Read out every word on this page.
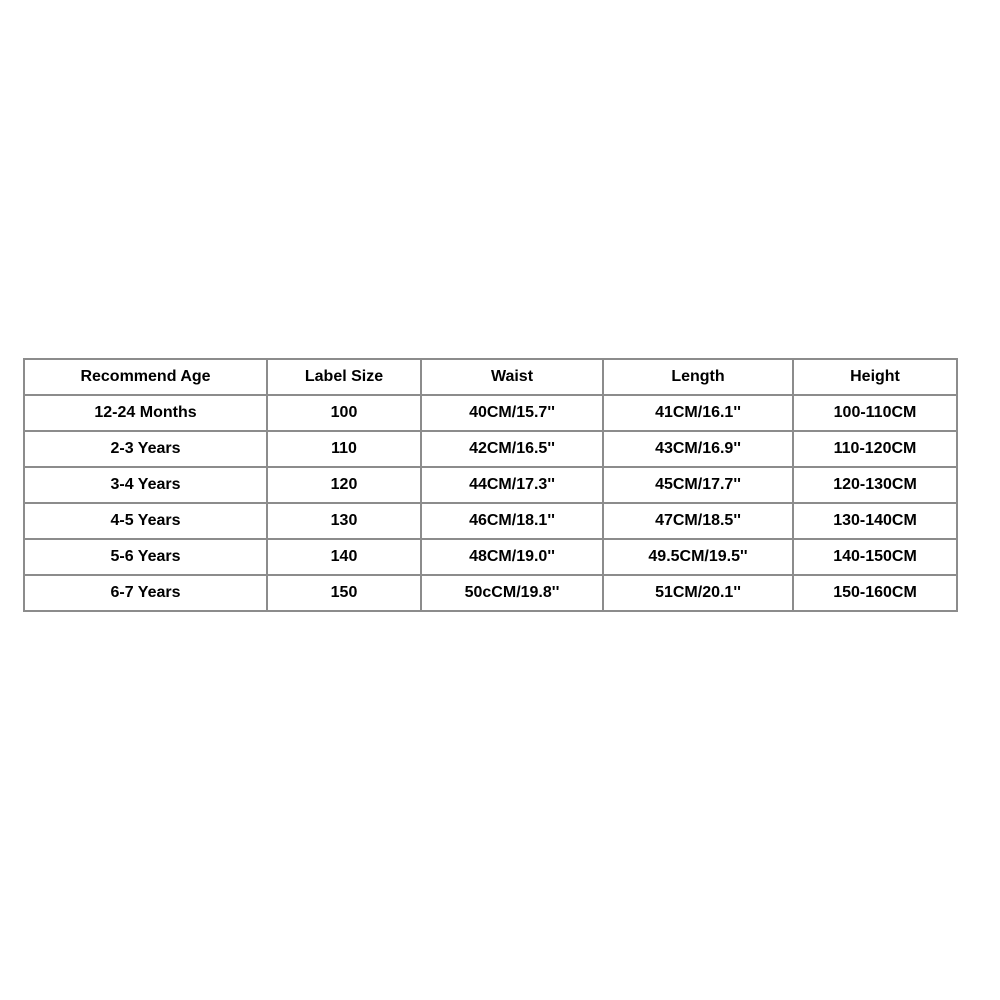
Recommend Age	Label Size	Waist	Length	Height
12-24 Months	100	40CM/15.7''	41CM/16.1''	100-110CM
2-3 Years	110	42CM/16.5''	43CM/16.9''	110-120CM
3-4 Years	120	44CM/17.3''	45CM/17.7''	120-130CM
4-5 Years	130	46CM/18.1''	47CM/18.5''	130-140CM
5-6 Years	140	48CM/19.0''	49.5CM/19.5''	140-150CM
6-7 Years	150	50cCM/19.8''	51CM/20.1''	150-160CM
